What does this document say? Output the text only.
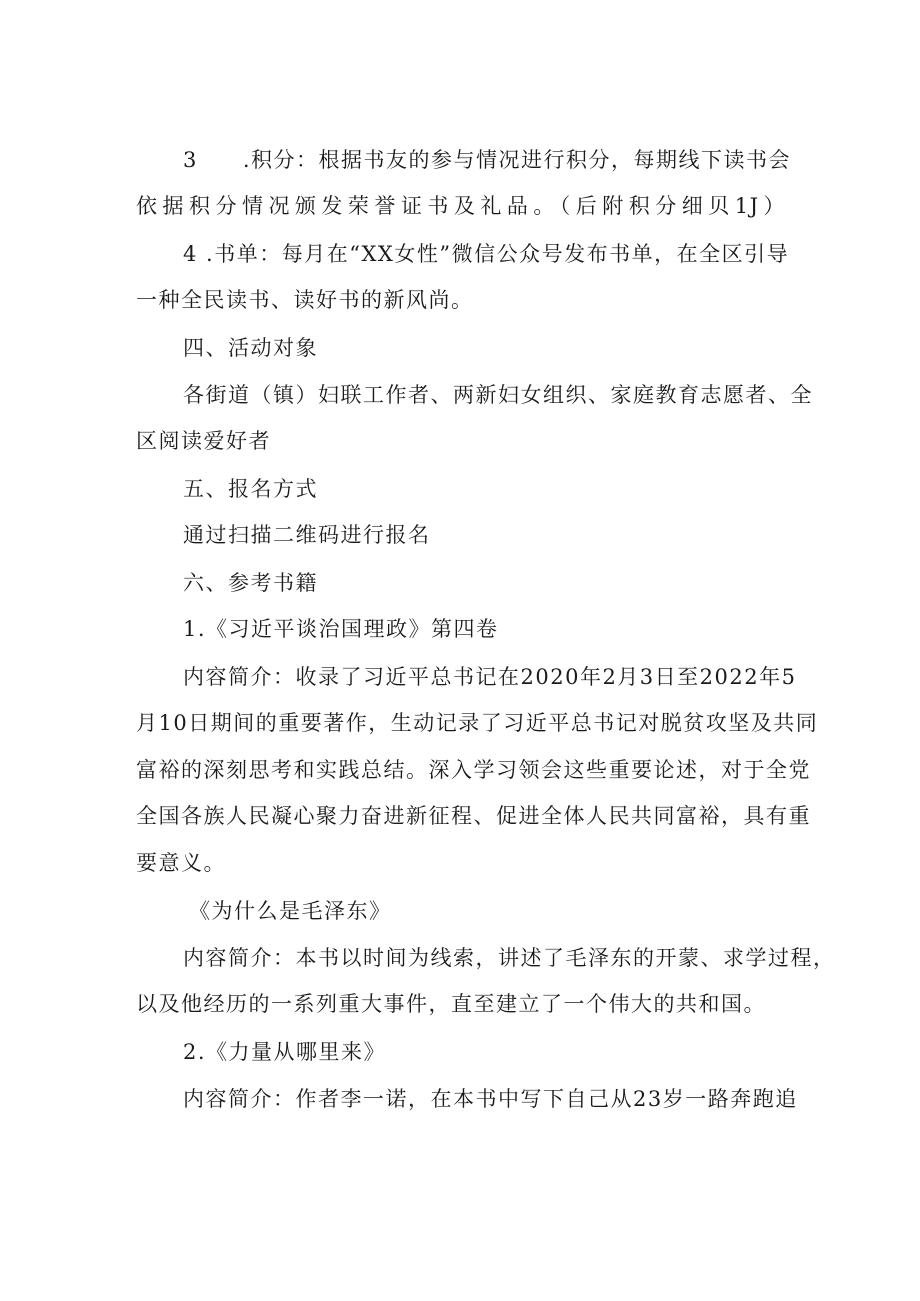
3　　.积分：根据书友的参与情况进行积分，每期线下读书会
依据积分情况颁发荣誉证书及礼品。（后附积分细贝1J）
4 .书单：每月在“XX女性”微信公众号发布书单，在全区引导
一种全民读书、读好书的新风尚。
四、活动对象
各街道（镇）妇联工作者、两新妇女组织、家庭教育志愿者、全
区阅读爱好者
五、报名方式
通过扫描二维码进行报名
六、参考书籍
1.《习近平谈治国理政》第四卷
内容简介：收录了习近平总书记在2020年2月3日至2022年5
月10日期间的重要著作，生动记录了习近平总书记对脱贫攻坚及共同
富裕的深刻思考和实践总结。深入学习领会这些重要论述，对于全党
全国各族人民凝心聚力奋进新征程、促进全体人民共同富裕，具有重
要意义。
《为什么是毛泽东》
内容简介：本书以时间为线索，讲述了毛泽东的开蒙、求学过程，
以及他经历的一系列重大事件，直至建立了一个伟大的共和国。
2.《力量从哪里来》
内容简介：作者李一诺，在本书中写下自己从23岁一路奔跑追
